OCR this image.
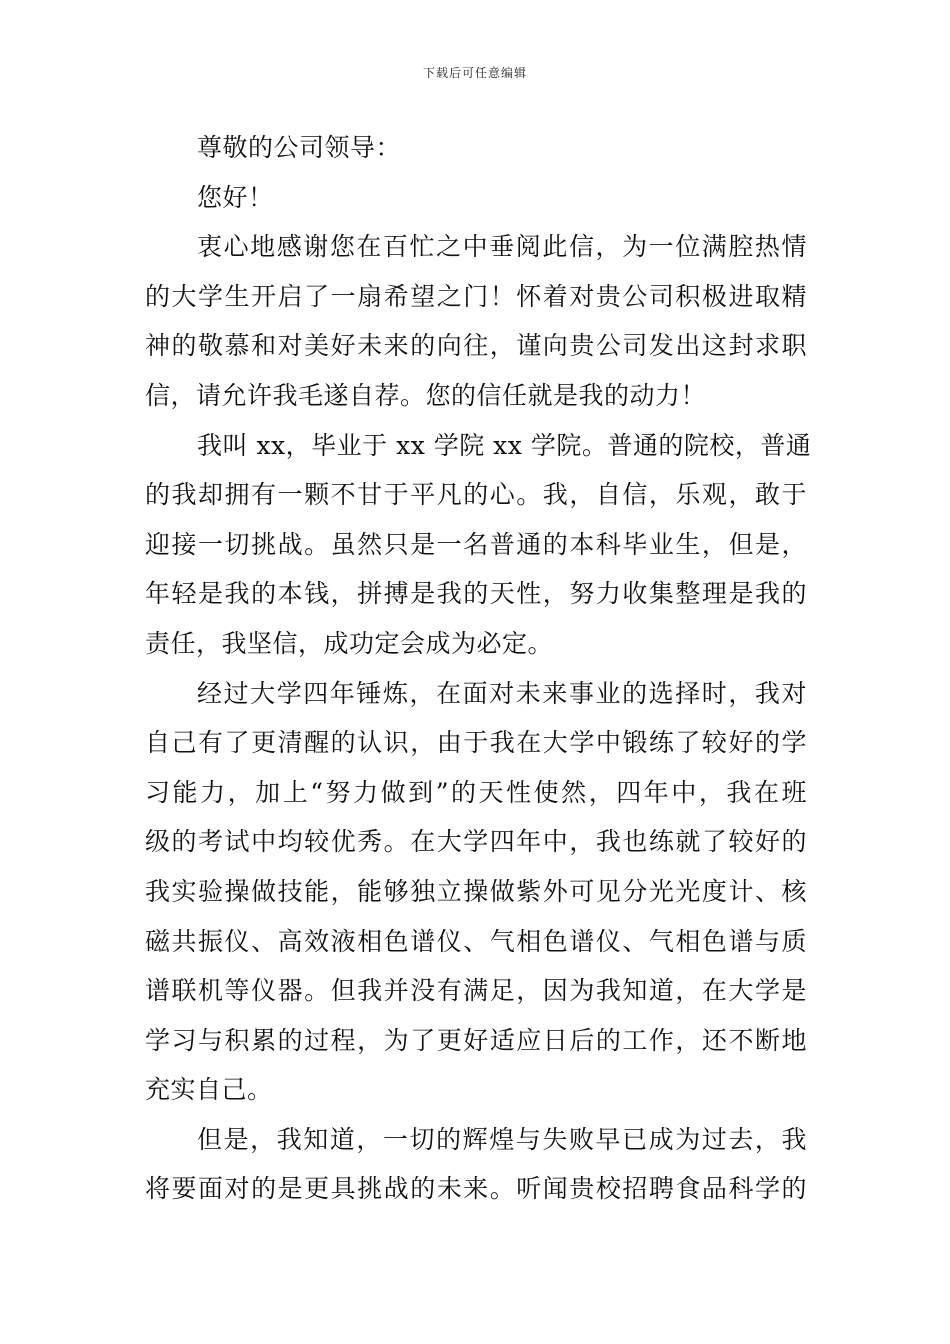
下载后可任意编辑
尊敬的公司领导：
您好！
衷心地感谢您在百忙之中垂阅此信，为一位满腔热情
的大学生开启了一扇希望之门！怀着对贵公司积极进取精
神的敬慕和对美好未来的向往，谨向贵公司发出这封求职
信，请允许我毛遂自荐。您的信任就是我的动力！
我叫 xx，毕业于 xx 学院 xx 学院。普通的院校，普通
的我却拥有一颗不甘于平凡的心。我，自信，乐观，敢于
迎接一切挑战。虽然只是一名普通的本科毕业生，但是，
年轻是我的本钱，拼搏是我的天性，努力收集整理是我的
责任，我坚信，成功定会成为必定。
经过大学四年锤炼，在面对未来事业的选择时，我对
自己有了更清醒的认识，由于我在大学中锻练了较好的学
习能力，加上“努力做到”的天性使然，四年中，我在班
级的考试中均较优秀。在大学四年中，我也练就了较好的
我实验操做技能，能够独立操做紫外可见分光光度计、核
磁共振仪、高效液相色谱仪、气相色谱仪、气相色谱与质
谱联机等仪器。但我并没有满足，因为我知道，在大学是
学习与积累的过程，为了更好适应日后的工作，还不断地
充实自己。
但是，我知道，一切的辉煌与失败早已成为过去，我
将要面对的是更具挑战的未来。听闻贵校招聘食品科学的
